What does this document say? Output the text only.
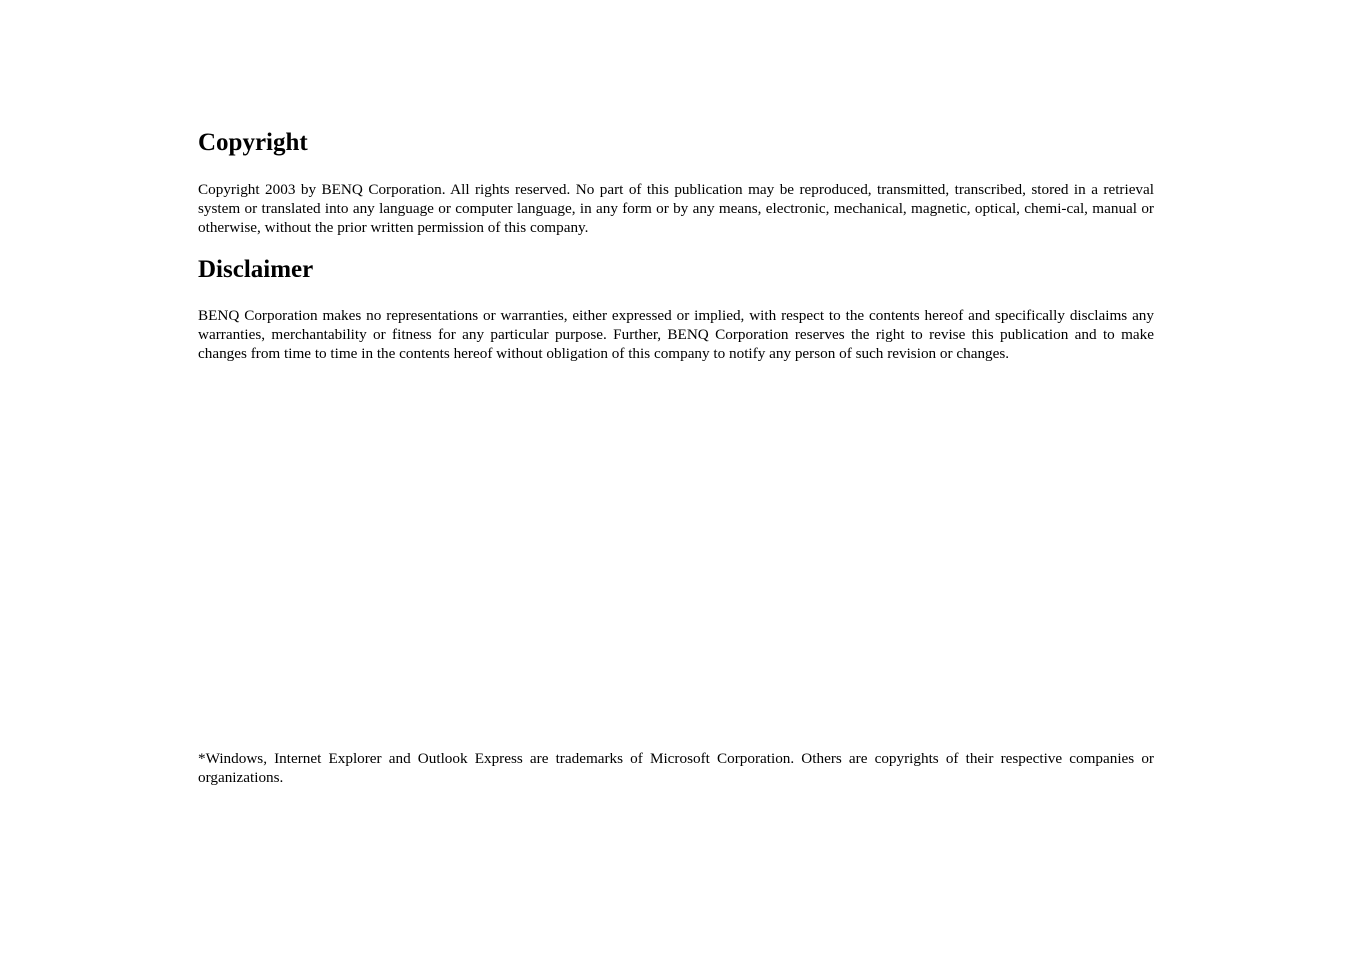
Copyright

Copyright 2003 by BENQ Corporation. All rights reserved. No part of this publication may be reproduced, transmitted, transcribed, stored in a retrieval system or translated into any language or computer language, in any form or by any means, electronic, mechanical, magnetic, optical, chemi-cal, manual or otherwise, without the prior written permission of this company.

Disclaimer

BENQ Corporation makes no representations or warranties, either expressed or implied, with respect to the contents hereof and specifically disclaims any warranties, merchantability or fitness for any particular purpose. Further, BENQ Corporation reserves the right to revise this publication and to make changes from time to time in the contents hereof without obligation of this company to notify any person of such revision or changes.

*Windows, Internet Explorer and Outlook Express are trademarks of Microsoft Corporation. Others are copyrights of their respective companies or organizations.
